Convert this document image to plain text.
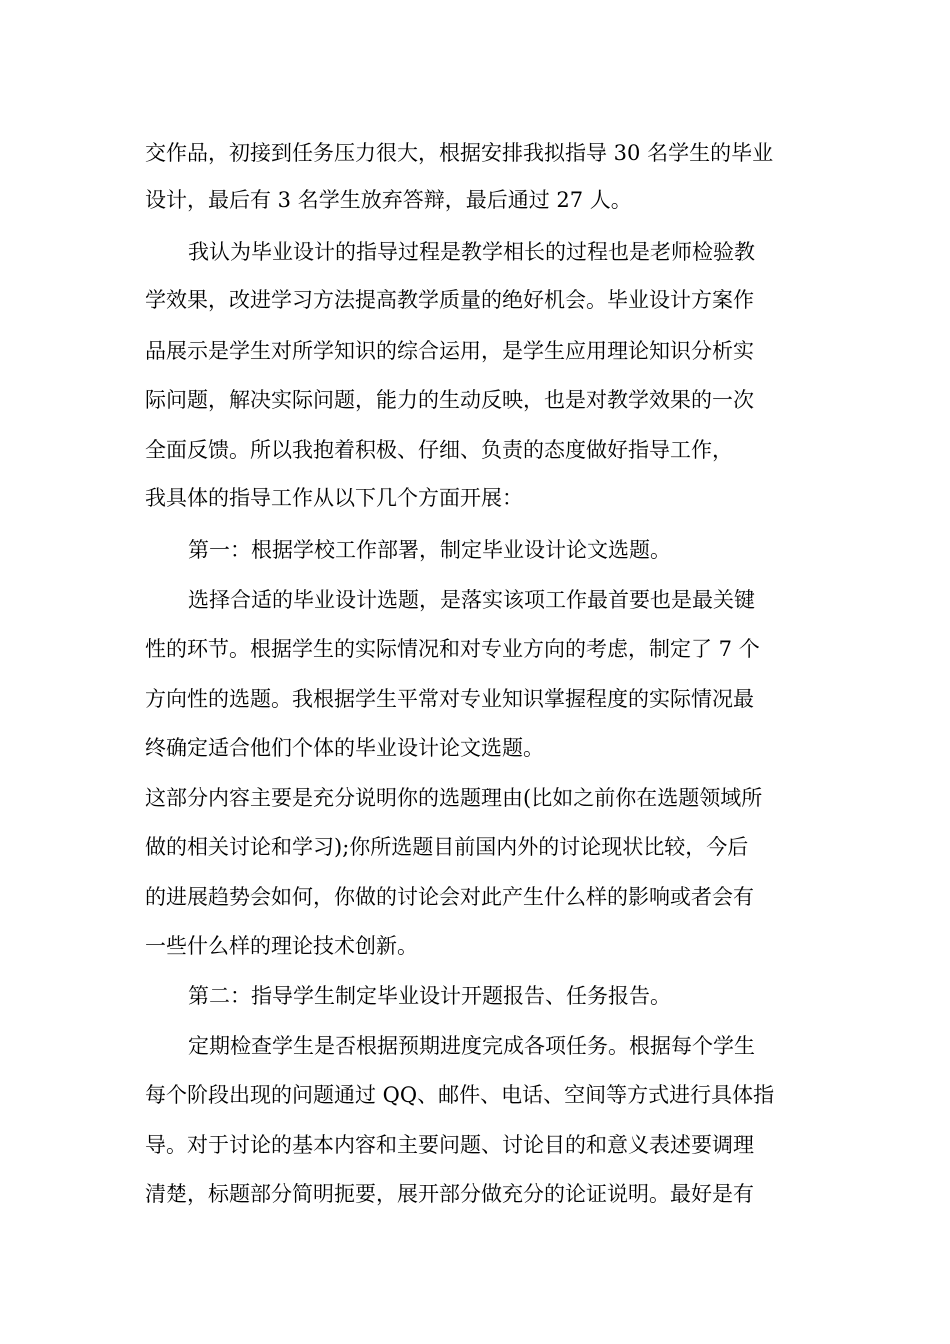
交作品，初接到任务压力很大，根据安排我拟指导 30 名学生的毕业
设计，最后有 3 名学生放弃答辩，最后通过 27 人。
我认为毕业设计的指导过程是教学相长的过程也是老师检验教
学效果，改进学习方法提高教学质量的绝好机会。毕业设计方案作
品展示是学生对所学知识的综合运用，是学生应用理论知识分析实
际问题，解决实际问题，能力的生动反映，也是对教学效果的一次
全面反馈。所以我抱着积极、仔细、负责的态度做好指导工作，
我具体的指导工作从以下几个方面开展：
第一：根据学校工作部署，制定毕业设计论文选题。
选择合适的毕业设计选题，是落实该项工作最首要也是最关键
性的环节。根据学生的实际情况和对专业方向的考虑，制定了 7 个
方向性的选题。我根据学生平常对专业知识掌握程度的实际情况最
终确定适合他们个体的毕业设计论文选题。
这部分内容主要是充分说明你的选题理由(比如之前你在选题领域所
做的相关讨论和学习);你所选题目前国内外的讨论现状比较，今后
的进展趋势会如何，你做的讨论会对此产生什么样的影响或者会有
一些什么样的理论技术创新。
第二：指导学生制定毕业设计开题报告、任务报告。
定期检查学生是否根据预期进度完成各项任务。根据每个学生
每个阶段出现的问题通过 QQ、邮件、电话、空间等方式进行具体指
导。对于讨论的基本内容和主要问题、讨论目的和意义表述要调理
清楚，标题部分简明扼要，展开部分做充分的论证说明。最好是有
